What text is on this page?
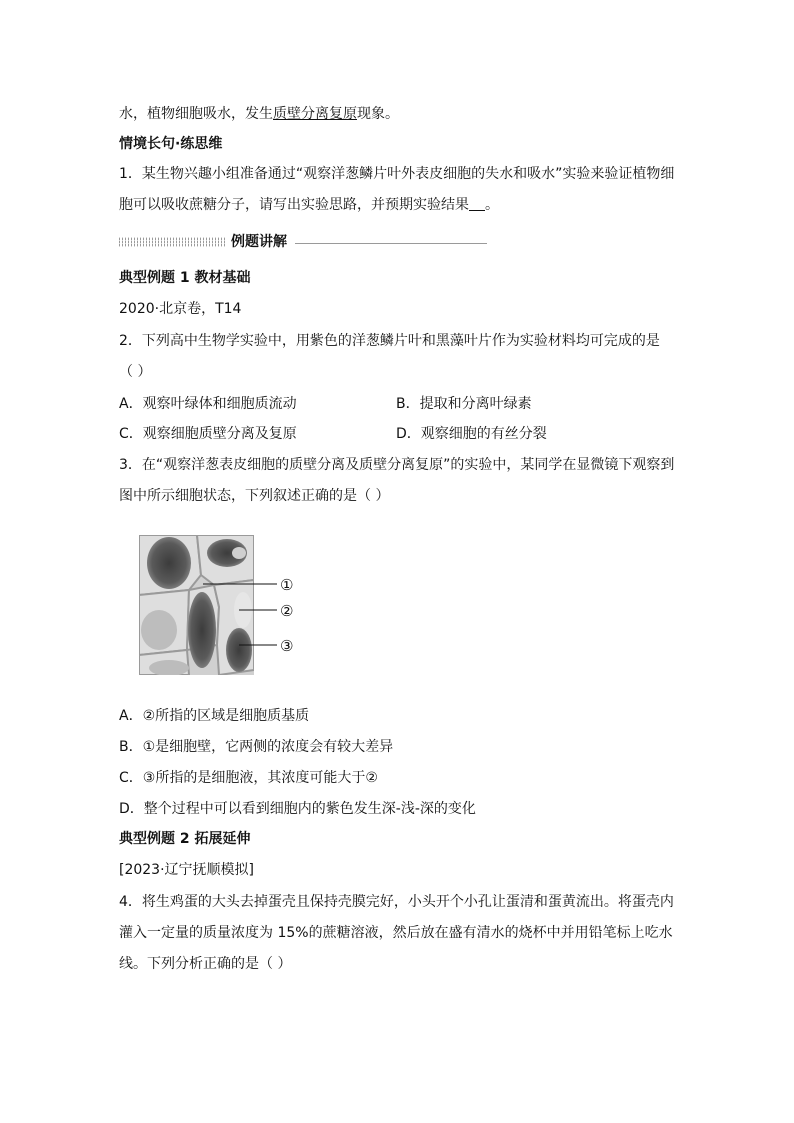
水，植物细胞吸水，发生质壁分离复原现象。
情境长句·练思维
1．某生物兴趣小组准备通过“观察洋葱鳞片叶外表皮细胞的失水和吸水”实验来验证植物细
胞可以吸收蔗糖分子，请写出实验思路，并预期实验结果 。
例题讲解
典型例题 1 教材基础
2020·北京卷，T14
2．下列高中生物学实验中，用紫色的洋葱鳞片叶和黑藻叶片作为实验材料均可完成的是
（ ）
A．观察叶绿体和细胞质流动	B．提取和分离叶绿素
C．观察细胞质壁分离及复原	D．观察细胞的有丝分裂
3．在“观察洋葱表皮细胞的质壁分离及质壁分离复原”的实验中，某同学在显微镜下观察到
图中所示细胞状态，下列叙述正确的是（ ）
①
②
③
A．②所指的区域是细胞质基质
B．①是细胞壁，它两侧的浓度会有较大差异
C．③所指的是细胞液，其浓度可能大于②
D．整个过程中可以看到细胞内的紫色发生深-浅-深的变化
典型例题 2 拓展延伸
[2023·辽宁抚顺模拟]
4．将生鸡蛋的大头去掉蛋壳且保持壳膜完好，小头开个小孔让蛋清和蛋黄流出。将蛋壳内
灌入一定量的质量浓度为 15%的蔗糖溶液，然后放在盛有清水的烧杯中并用铅笔标上吃水
线。下列分析正确的是（ ）
